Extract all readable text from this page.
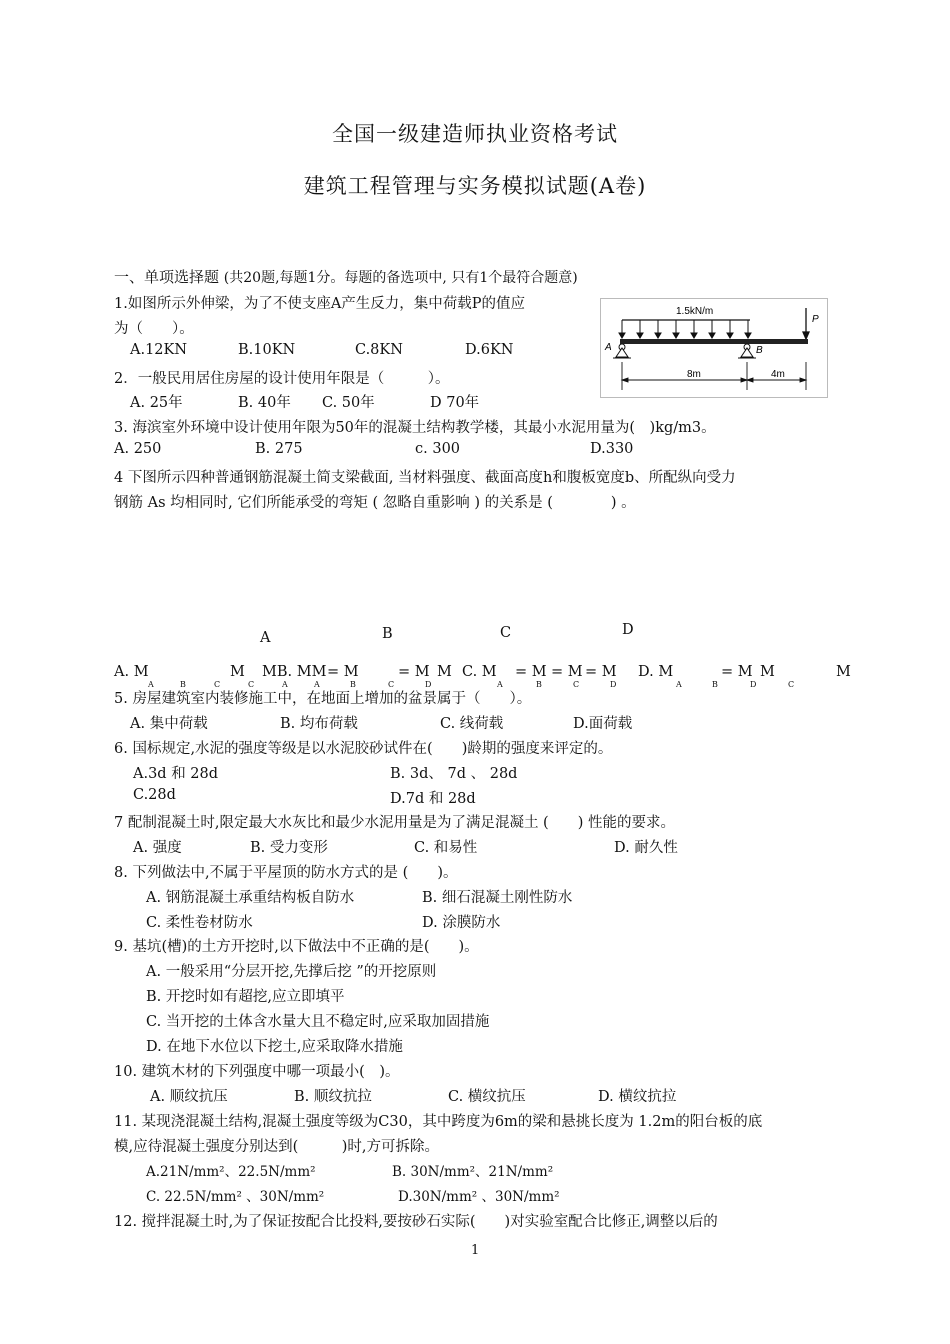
全国一级建造师执业资格考试
建筑工程管理与实务模拟试题(A卷)
一、单项选择题 (共20题,每题1分。每题的备选项中, 只有1个最符合题意)
1.如图所示外伸梁，为了不使支座A产生反力，集中荷载P的值应
为（　　）。
A.12KN	B.10KN	C.8KN	D.6KN
1.5kN/m
P
A	B
8m	4m
2．一般民用居住房屋的设计使用年限是（　　　）。
A. 25年	B. 40年 C. 50年	D 70年
3. 海滨室外环境中设计使用年限为50年的混凝土结构教学楼，其最小水泥用量为(　)kg/m3。
A. 250	B. 275	c. 300	D.330
4 下图所示四种普通钢筋混凝土简支梁截面, 当材料强度、截面高度h和腹板宽度b、所配纵向受力
钢筋 As 均相同时, 它们所能承受的弯矩 ( 忽略自重影响 ) 的关系是 (　　　　) 。
A	B	C	D
A. M	M MB. MM = M	= M M C. M = M = M = M D. M	= M M	M
A	B	C	C	A	A	B	C	D	A	B	C	D	A	B	D	C
5. 房屋建筑室内装修施工中，在地面上增加的盆景属于（　　）。
A. 集中荷载	B. 均布荷载	C. 线荷载	D.面荷载
6. 国标规定,水泥的强度等级是以水泥胶砂试件在(　　)龄期的强度来评定的。
A.3d 和 28d	B. 3d、 7d 、 28d
C.28d	D.7d 和 28d
7 配制混凝土时,限定最大水灰比和最少水泥用量是为了满足混凝土 (　　) 性能的要求。
A. 强度	B. 受力变形	C. 和易性	D. 耐久性
8. 下列做法中,不属于平屋顶的防水方式的是 (　　)。
A. 钢筋混凝土承重结构板自防水	B. 细石混凝土刚性防水
C. 柔性卷材防水	D. 涂膜防水
9. 基坑(槽)的土方开挖时,以下做法中不正确的是(　　)。
A. 一般采用“分层开挖,先撑后挖 ”的开挖原则
B. 开挖时如有超挖,应立即填平
C. 当开挖的土体含水量大且不稳定时,应采取加固措施
D. 在地下水位以下挖土,应采取降水措施
10. 建筑木材的下列强度中哪一项最小(　)。
A. 顺纹抗压	B. 顺纹抗拉	C. 横纹抗压	D. 横纹抗拉
11. 某现浇混凝土结构,混凝土强度等级为C30，其中跨度为6m的梁和悬挑长度为 1.2m的阳台板的底
模,应待混凝土强度分别达到(　　　)时,方可拆除。
A.21N/mm²、22.5N/mm²	B. 30N/mm²、21N/mm²
C. 22.5N/mm² 、30N/mm²	D.30N/mm² 、30N/mm²
12. 搅拌混凝土时,为了保证按配合比投料,要按砂石实际(　　)对实验室配合比修正,调整以后的
1
